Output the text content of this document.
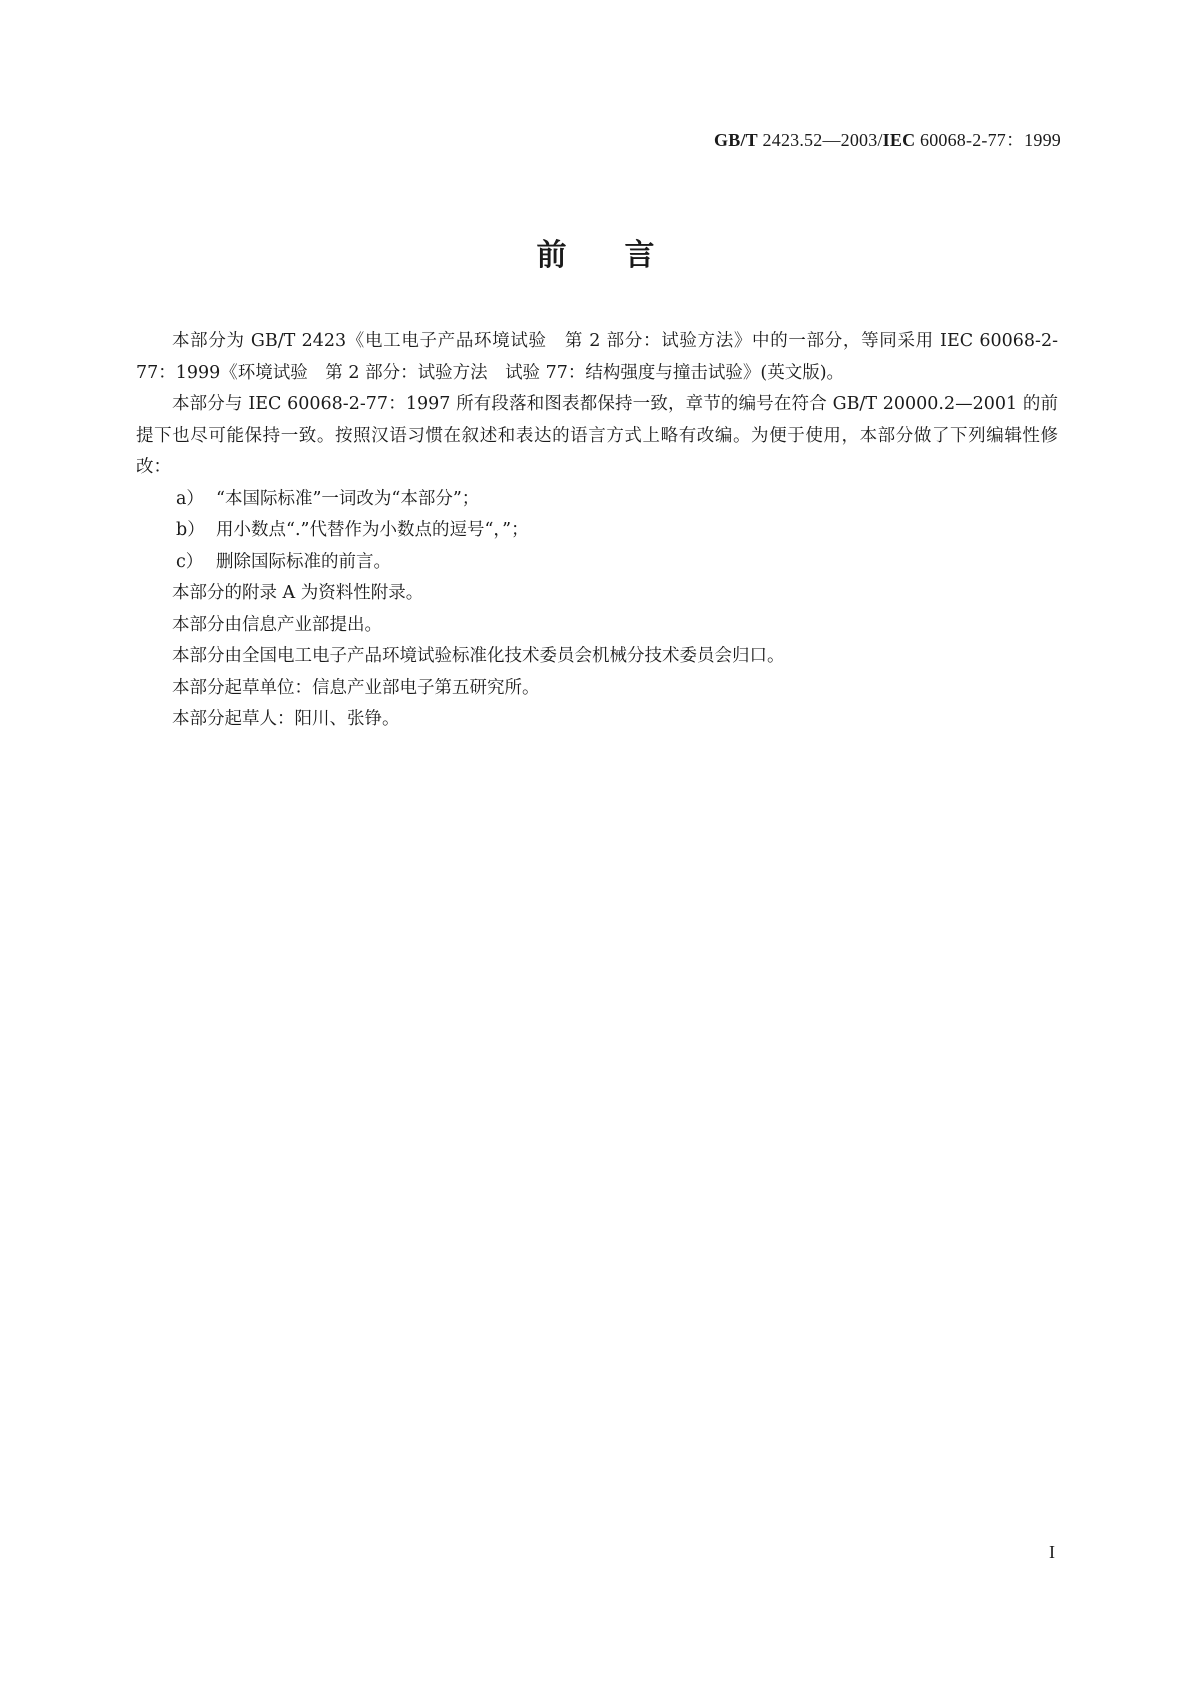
GB/T 2423.52—2003/IEC 60068-2-77：1999
前言

本部分为 GB/T 2423《电工电子产品环境试验　第 2 部分：试验方法》中的一部分，等同采用 IEC 60068-2-77：1999《环境试验　第 2 部分：试验方法　试验 77：结构强度与撞击试验》(英文版)。

本部分与 IEC 60068-2-77：1997 所有段落和图表都保持一致，章节的编号在符合 GB/T 20000.2—2001 的前提下也尽可能保持一致。按照汉语习惯在叙述和表达的语言方式上略有改编。为便于使用，本部分做了下列编辑性修改：

a） “本国际标准”一词改为“本部分”；
b） 用小数点“.”代替作为小数点的逗号“，”；
c） 删除国际标准的前言。

本部分的附录 A 为资料性附录。

本部分由信息产业部提出。

本部分由全国电工电子产品环境试验标准化技术委员会机械分技术委员会归口。

本部分起草单位：信息产业部电子第五研究所。

本部分起草人：阳川、张铮。

I
